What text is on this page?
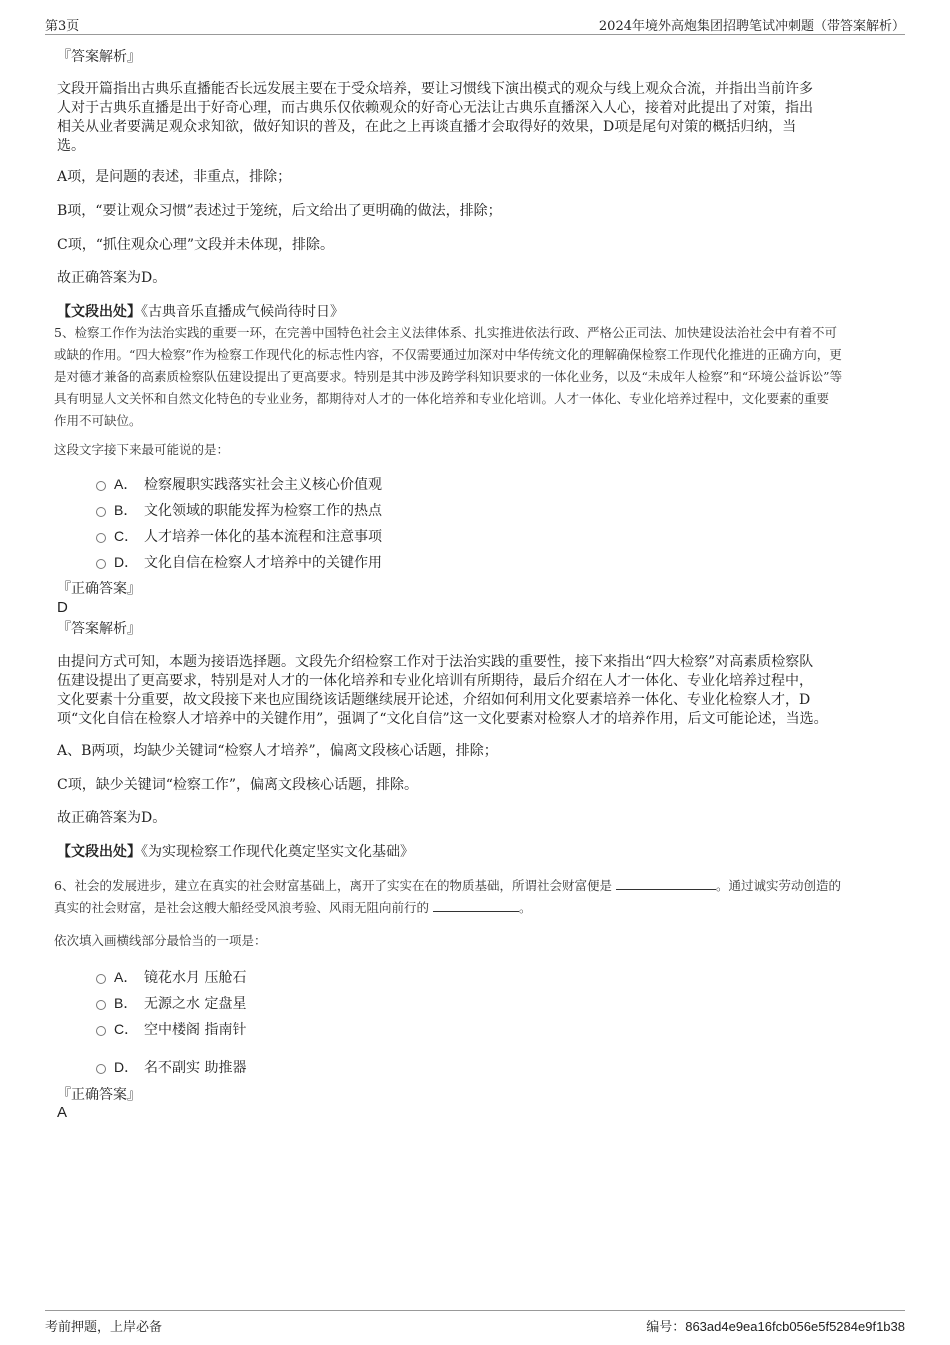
第3页	2024年境外高炮集团招聘笔试冲刺题（带答案解析）
『答案解析』
文段开篇指出古典乐直播能否长远发展主要在于受众培养，要让习惯线下演出模式的观众与线上观众合流，并指出当前许多
人对于古典乐直播是出于好奇心理，而古典乐仅依赖观众的好奇心无法让古典乐直播深入人心，接着对此提出了对策，指出
相关从业者要满足观众求知欲，做好知识的普及，在此之上再谈直播才会取得好的效果，D项是尾句对策的概括归纳，当
选。
A项，是问题的表述，非重点，排除；
B项，“要让观众习惯”表述过于笼统，后文给出了更明确的做法，排除；
C项，“抓住观众心理”文段并未体现，排除。
故正确答案为D。
【文段出处】《古典音乐直播成气候尚待时日》
5、检察工作作为法治实践的重要一环，在完善中国特色社会主义法律体系、扎实推进依法行政、严格公正司法、加快建设法治社会中有着不可
或缺的作用。“四大检察”作为检察工作现代化的标志性内容，不仅需要通过加深对中华传统文化的理解确保检察工作现代化推进的正确方向，更
是对德才兼备的高素质检察队伍建设提出了更高要求。特别是其中涉及跨学科知识要求的一体化业务，以及“未成年人检察”和“环境公益诉讼”等
具有明显人文关怀和自然文化特色的专业业务，都期待对人才的一体化培养和专业化培训。人才一体化、专业化培养过程中，文化要素的重要
作用不可缺位。
这段文字接下来最可能说的是：
A． 检察履职实践落实社会主义核心价值观
B． 文化领域的职能发挥为检察工作的热点
C． 人才培养一体化的基本流程和注意事项
D． 文化自信在检察人才培养中的关键作用
『正确答案』
D
『答案解析』
由提问方式可知，本题为接语选择题。文段先介绍检察工作对于法治实践的重要性，接下来指出“四大检察”对高素质检察队
伍建设提出了更高要求，特别是对人才的一体化培养和专业化培训有所期待，最后介绍在人才一体化、专业化培养过程中，
文化要素十分重要，故文段接下来也应围绕该话题继续展开论述，介绍如何利用文化要素培养一体化、专业化检察人才，D
项“文化自信在检察人才培养中的关键作用”，强调了“文化自信”这一文化要素对检察人才的培养作用，后文可能论述，当选。
A、B两项，均缺少关键词“检察人才培养”，偏离文段核心话题，排除；
C项，缺少关键词“检察工作”，偏离文段核心话题，排除。
故正确答案为D。
【文段出处】《为实现检察工作现代化奠定坚实文化基础》
6、社会的发展进步，建立在真实的社会财富基础上，离开了实实在在的物质基础，所谓社会财富便是	。通过诚实劳动创造的
真实的社会财富，是社会这艘大船经受风浪考验、风雨无阻向前行的	。
依次填入画横线部分最恰当的一项是：
A． 镜花水月 压舱石
B． 无源之水 定盘星
C． 空中楼阁 指南针
D． 名不副实 助推器
『正确答案』
A
考前押题，上岸必备	编号：863ad4e9ea16fcb056e5f5284e9f1b38
